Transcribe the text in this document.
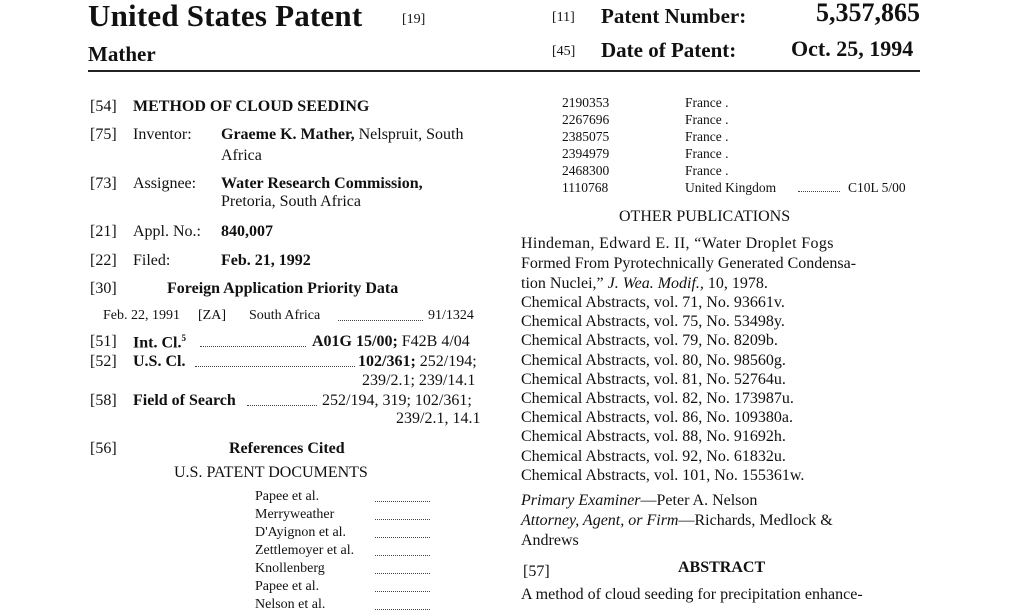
United States Patent	[19]
Mather
[11] Patent Number:	5,357,865
[45] Date of Patent: Oct. 25, 1994
[54] METHOD OF CLOUD SEEDING
[75] Inventor: Graeme K. Mather, Nelspruit, South
Africa
[73] Assignee: Water Research Commission,
Pretoria, South Africa
[21] Appl. No.: 840,007
[22] Filed:	Feb. 21, 1992
[30]	Foreign Application Priority Data
Feb. 22, 1991 [ZA] South Africa	91/1324
[51] Int. Cl.$^5$	A01G 15/00; F42B 4/04
[52] U.S. Cl.	102/361; 252/194;
239/2.1; 239/14.1
[58] Field of Search	252/194, 319; 102/361;
239/2.1, 14.1
[56]	References Cited
U.S. PATENT DOCUMENTS
Papee et al.
Merryweather
D'Ayignon et al.
Zettlemoyer et al.
Knollenberg
Papee et al.
Nelson et al.
2190353	France .
2267696	France .
2385075	France .
2394979	France .
2468300	France .
1110768	United Kingdom	C10L 5/00
OTHER PUBLICATIONS
Hindeman, Edward E. II, “Water Droplet Fogs
Formed From Pyrotechnically Generated Condensa-
tion Nuclei,” J. Wea. Modif., 10, 1978.
Chemical Abstracts, vol. 71, No. 93661v.
Chemical Abstracts, vol. 75, No. 53498y.
Chemical Abstracts, vol. 79, No. 8209b.
Chemical Abstracts, vol. 80, No. 98560g.
Chemical Abstracts, vol. 81, No. 52764u.
Chemical Abstracts, vol. 82, No. 173987u.
Chemical Abstracts, vol. 86, No. 109380a.
Chemical Abstracts, vol. 88, No. 91692h.
Chemical Abstracts, vol. 92, No. 61832u.
Chemical Abstracts, vol. 101, No. 155361w.
Primary Examiner—Peter A. Nelson
Attorney, Agent, or Firm—Richards, Medlock &
Andrews
[57]	ABSTRACT
A method of cloud seeding for precipitation enhance-
